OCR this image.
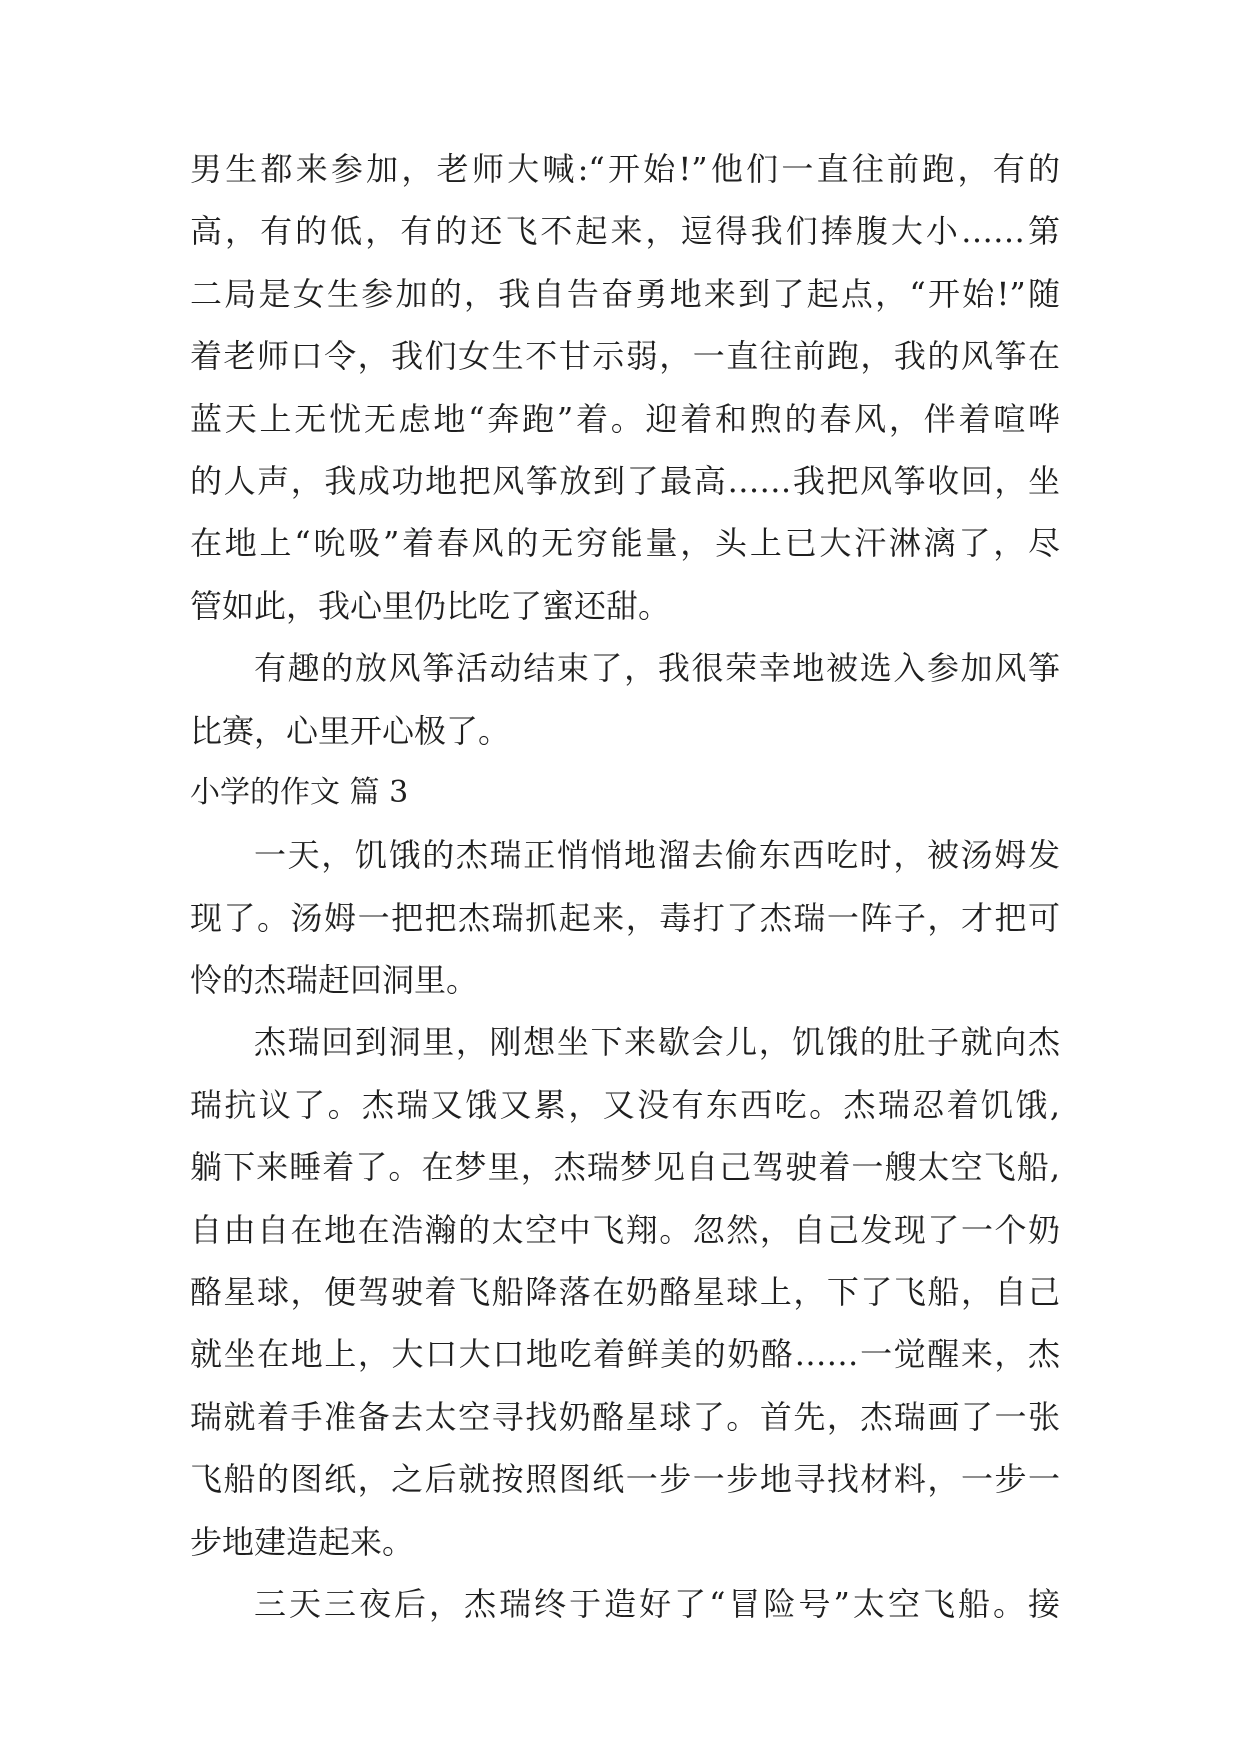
男生都来参加，老师大喊:“开始!”他们一直往前跑，有的

高，有的低，有的还飞不起来，逗得我们捧腹大小……第

二局是女生参加的，我自告奋勇地来到了起点，“开始!”随

着老师口令，我们女生不甘示弱，一直往前跑，我的风筝在

蓝天上无忧无虑地“奔跑”着。迎着和煦的春风，伴着喧哗

的人声，我成功地把风筝放到了最高……我把风筝收回，坐

在地上“吮吸”着春风的无穷能量，头上已大汗淋漓了，尽

管如此，我心里仍比吃了蜜还甜。

有趣的放风筝活动结束了，我很荣幸地被选入参加风筝

比赛，心里开心极了。

小学的作文 篇 3

一天，饥饿的杰瑞正悄悄地溜去偷东西吃时，被汤姆发

现了。汤姆一把把杰瑞抓起来，毒打了杰瑞一阵子，才把可

怜的杰瑞赶回洞里。

杰瑞回到洞里，刚想坐下来歇会儿，饥饿的肚子就向杰

瑞抗议了。杰瑞又饿又累，又没有东西吃。杰瑞忍着饥饿,

躺下来睡着了。在梦里，杰瑞梦见自己驾驶着一艘太空飞船,

自由自在地在浩瀚的太空中飞翔。忽然，自己发现了一个奶

酪星球，便驾驶着飞船降落在奶酪星球上，下了飞船，自己

就坐在地上，大口大口地吃着鲜美的奶酪……一觉醒来，杰

瑞就着手准备去太空寻找奶酪星球了。首先，杰瑞画了一张

飞船的图纸，之后就按照图纸一步一步地寻找材料，一步一

步地建造起来。

三天三夜后，杰瑞终于造好了“冒险号”太空飞船。接
